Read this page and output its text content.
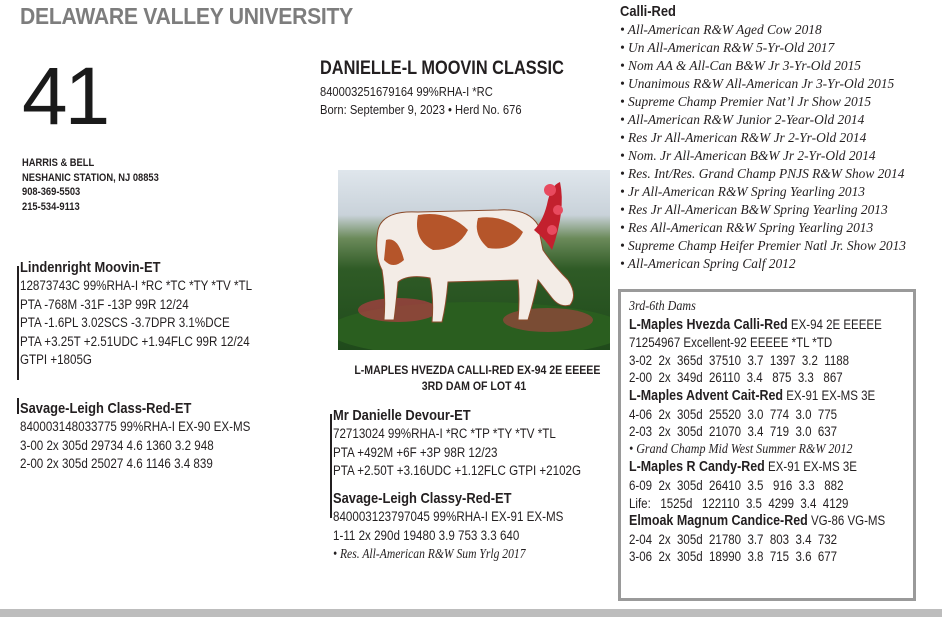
DELAWARE VALLEY UNIVERSITY
41
HARRIS & BELL
NESHANIC STATION, NJ 08853
908-369-5503
215-534-9113
DANIELLE-L MOOVIN CLASSIC
840003251679164 99%RHA-I *RC
Born: September 9, 2023 • Herd No. 676
L-MAPLES HVEZDA CALLI-RED EX-94 2E EEEEE
3RD DAM OF LOT 41
Lindenright Moovin-ET
12873743C 99%RHA-I *RC *TC *TY *TV *TL
PTA -768M -31F -13P 99R 12/24
PTA -1.6PL 3.02SCS -3.7DPR 3.1%DCE
PTA +3.25T +2.51UDC +1.94FLC 99R 12/24
GTPI +1805G
Savage-Leigh Class-Red-ET
840003148033775 99%RHA-I EX-90 EX-MS
3-00 2x 305d 29734 4.6 1360 3.2 948
2-00 2x 305d 25027 4.6 1146 3.4 839
Mr Danielle Devour-ET
72713024 99%RHA-I *RC *TP *TY *TV *TL
PTA +492M +6F +3P 98R 12/23
PTA +2.50T +3.16UDC +1.12FLC GTPI +2102G
Savage-Leigh Classy-Red-ET
840003123797045 99%RHA-I EX-91 EX-MS
1-11 2x 290d 19480 3.9 753 3.3 640
• Res. All-American R&W Sum Yrlg 2017
Calli-Red
• All-American R&W Aged Cow 2018
• Un All-American R&W 5-Yr-Old 2017
• Nom AA & All-Can B&W Jr 3-Yr-Old 2015
• Unanimous R&W All-American Jr 3-Yr-Old 2015
• Supreme Champ Premier Nat’l Jr Show 2015
• All-American R&W Junior 2-Year-Old 2014
• Res Jr All-American R&W Jr 2-Yr-Old 2014
• Nom. Jr All-American B&W Jr 2-Yr-Old 2014
• Res. Int/Res. Grand Champ PNJS R&W Show 2014
• Jr All-American R&W Spring Yearling 2013
• Res Jr All-American B&W Spring Yearling 2013
• Res All-American R&W Spring Yearling 2013
• Supreme Champ Heifer Premier Natl Jr. Show 2013
• All-American Spring Calf 2012
3rd-6th Dams
L-Maples Hvezda Calli-Red EX-94 2E EEEEE
71254967 Excellent-92 EEEEE *TL *TD
3-02  2x  365d  37510  3.7  1397  3.2  1188
2-00  2x  349d  26110  3.4   875  3.3   867
L-Maples Advent Cait-Red EX-91 EX-MS 3E
4-06  2x  305d  25520  3.0  774  3.0  775
2-03  2x  305d  21070  3.4  719  3.0  637
• Grand Champ Mid West Summer R&W 2012
L-Maples R Candy-Red EX-91 EX-MS 3E
6-09  2x  305d  26410  3.5   916  3.3   882
Life:   1525d   122110  3.5  4299  3.4  4129
Elmoak Magnum Candice-Red VG-86 VG-MS
2-04  2x  305d  21780  3.7  803  3.4  732
3-06  2x  305d  18990  3.8  715  3.6  677
